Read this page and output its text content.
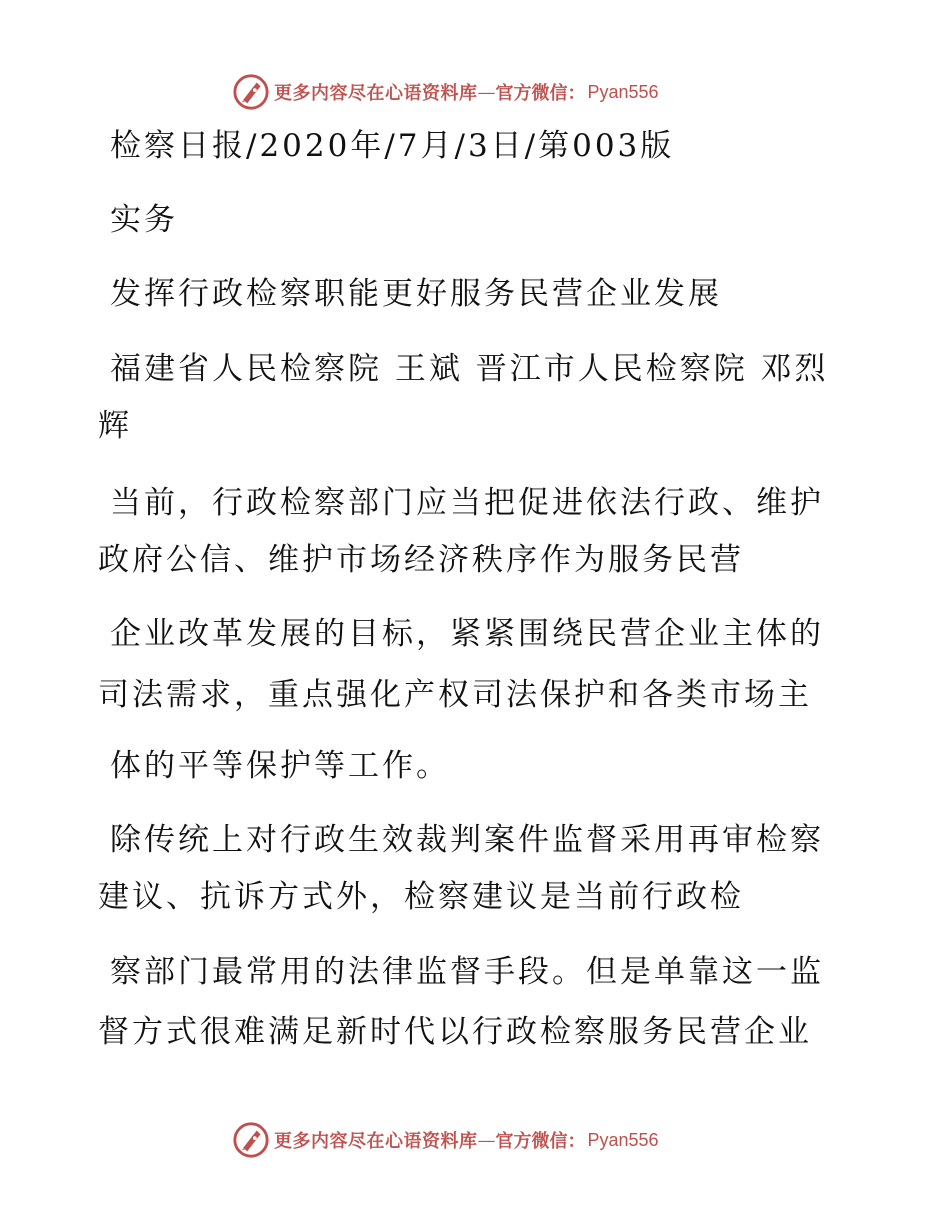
更多内容尽在心语资料库 — 官方微信： Pyan556
检察日报/2020年/7月/3日/第003版
实务
发挥行政检察职能更好服务民营企业发展
福建省人民检察院 王斌 晋江市人民检察院 邓烈
辉
当前，行政检察部门应当把促进依法行政、维护
政府公信、维护市场经济秩序作为服务民营
企业改革发展的目标，紧紧围绕民营企业主体的
司法需求，重点强化产权司法保护和各类市场主
体的平等保护等工作。
除传统上对行政生效裁判案件监督采用再审检察
建议、抗诉方式外，检察建议是当前行政检
察部门最常用的法律监督手段。但是单靠这一监
督方式很难满足新时代以行政检察服务民营企业
更多内容尽在心语资料库 — 官方微信： Pyan556
